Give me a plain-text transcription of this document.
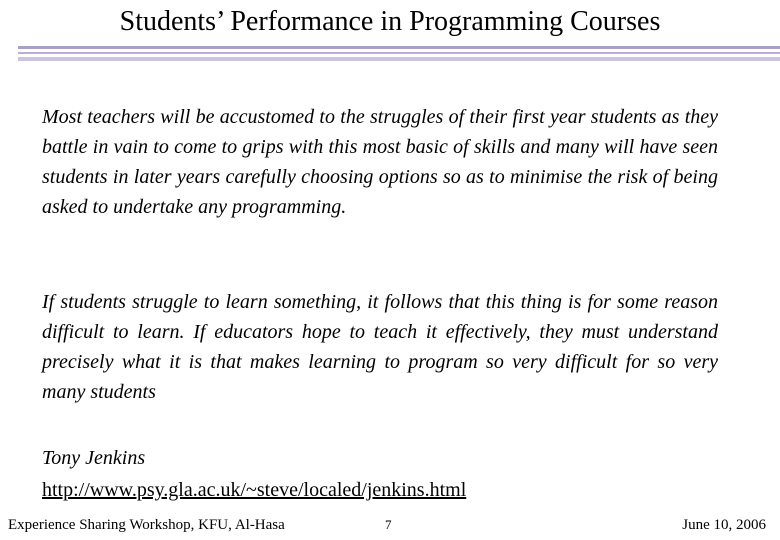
Students’ Performance in Programming Courses

Most teachers will be accustomed to the struggles of their first year students as they battle in vain to come to grips with this most basic of skills and many will have seen students in later years carefully choosing options so as to minimise the risk of being asked to undertake any programming.

If students struggle to learn something, it follows that this thing is for some reason difficult to learn. If educators hope to teach it effectively, they must understand precisely what it is that makes learning to program so very difficult for so very many students

Tony Jenkins
http://www.psy.gla.ac.uk/~steve/localed/jenkins.html
Experience Sharing Workshop, KFU, Al-Hasa	7	June 10, 2006
